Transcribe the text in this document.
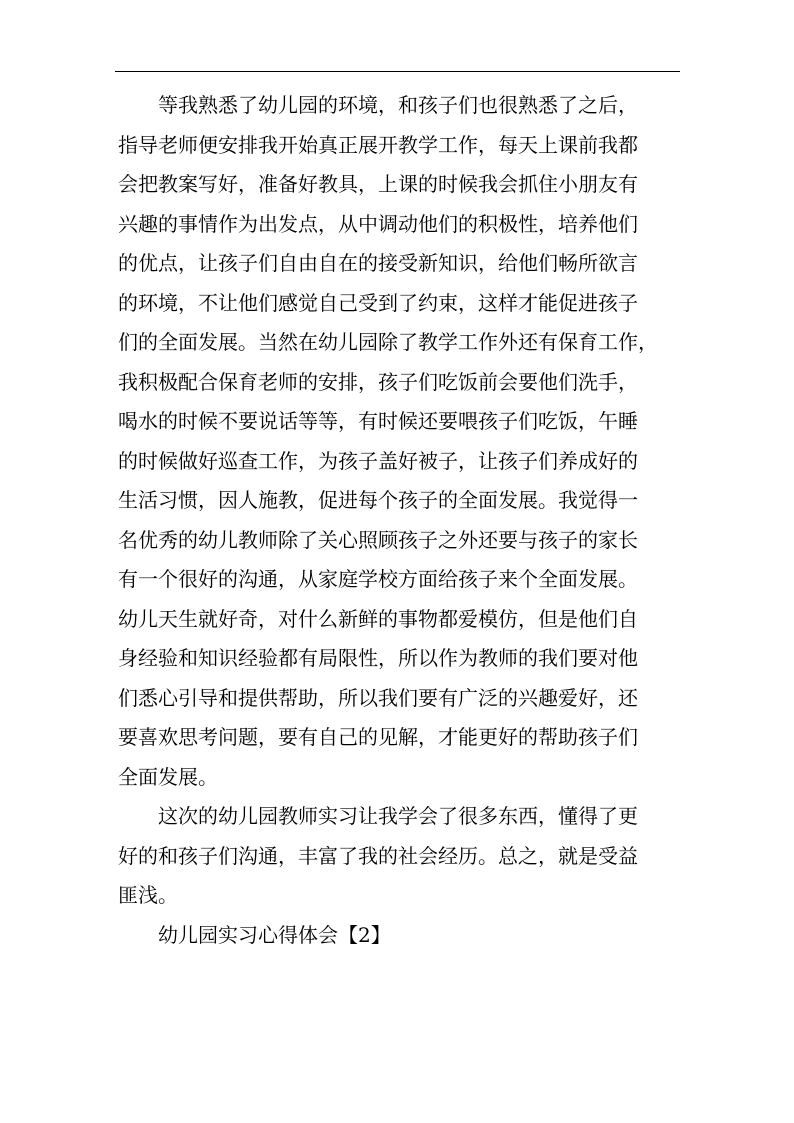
等我熟悉了幼儿园的环境，和孩子们也很熟悉了之后，
指导老师便安排我开始真正展开教学工作，每天上课前我都
会把教案写好，准备好教具，上课的时候我会抓住小朋友有
兴趣的事情作为出发点，从中调动他们的积极性，培养他们
的优点，让孩子们自由自在的接受新知识，给他们畅所欲言
的环境，不让他们感觉自己受到了约束，这样才能促进孩子
们的全面发展。当然在幼儿园除了教学工作外还有保育工作，
我积极配合保育老师的安排，孩子们吃饭前会要他们洗手，
喝水的时候不要说话等等，有时候还要喂孩子们吃饭，午睡
的时候做好巡查工作，为孩子盖好被子，让孩子们养成好的
生活习惯，因人施教，促进每个孩子的全面发展。我觉得一
名优秀的幼儿教师除了关心照顾孩子之外还要与孩子的家长
有一个很好的沟通，从家庭学校方面给孩子来个全面发展。
幼儿天生就好奇，对什么新鲜的事物都爱模仿，但是他们自
身经验和知识经验都有局限性，所以作为教师的我们要对他
们悉心引导和提供帮助，所以我们要有广泛的兴趣爱好，还
要喜欢思考问题，要有自己的见解，才能更好的帮助孩子们
全面发展。
这次的幼儿园教师实习让我学会了很多东西，懂得了更
好的和孩子们沟通，丰富了我的社会经历。总之，就是受益
匪浅。
幼儿园实习心得体会【2】
